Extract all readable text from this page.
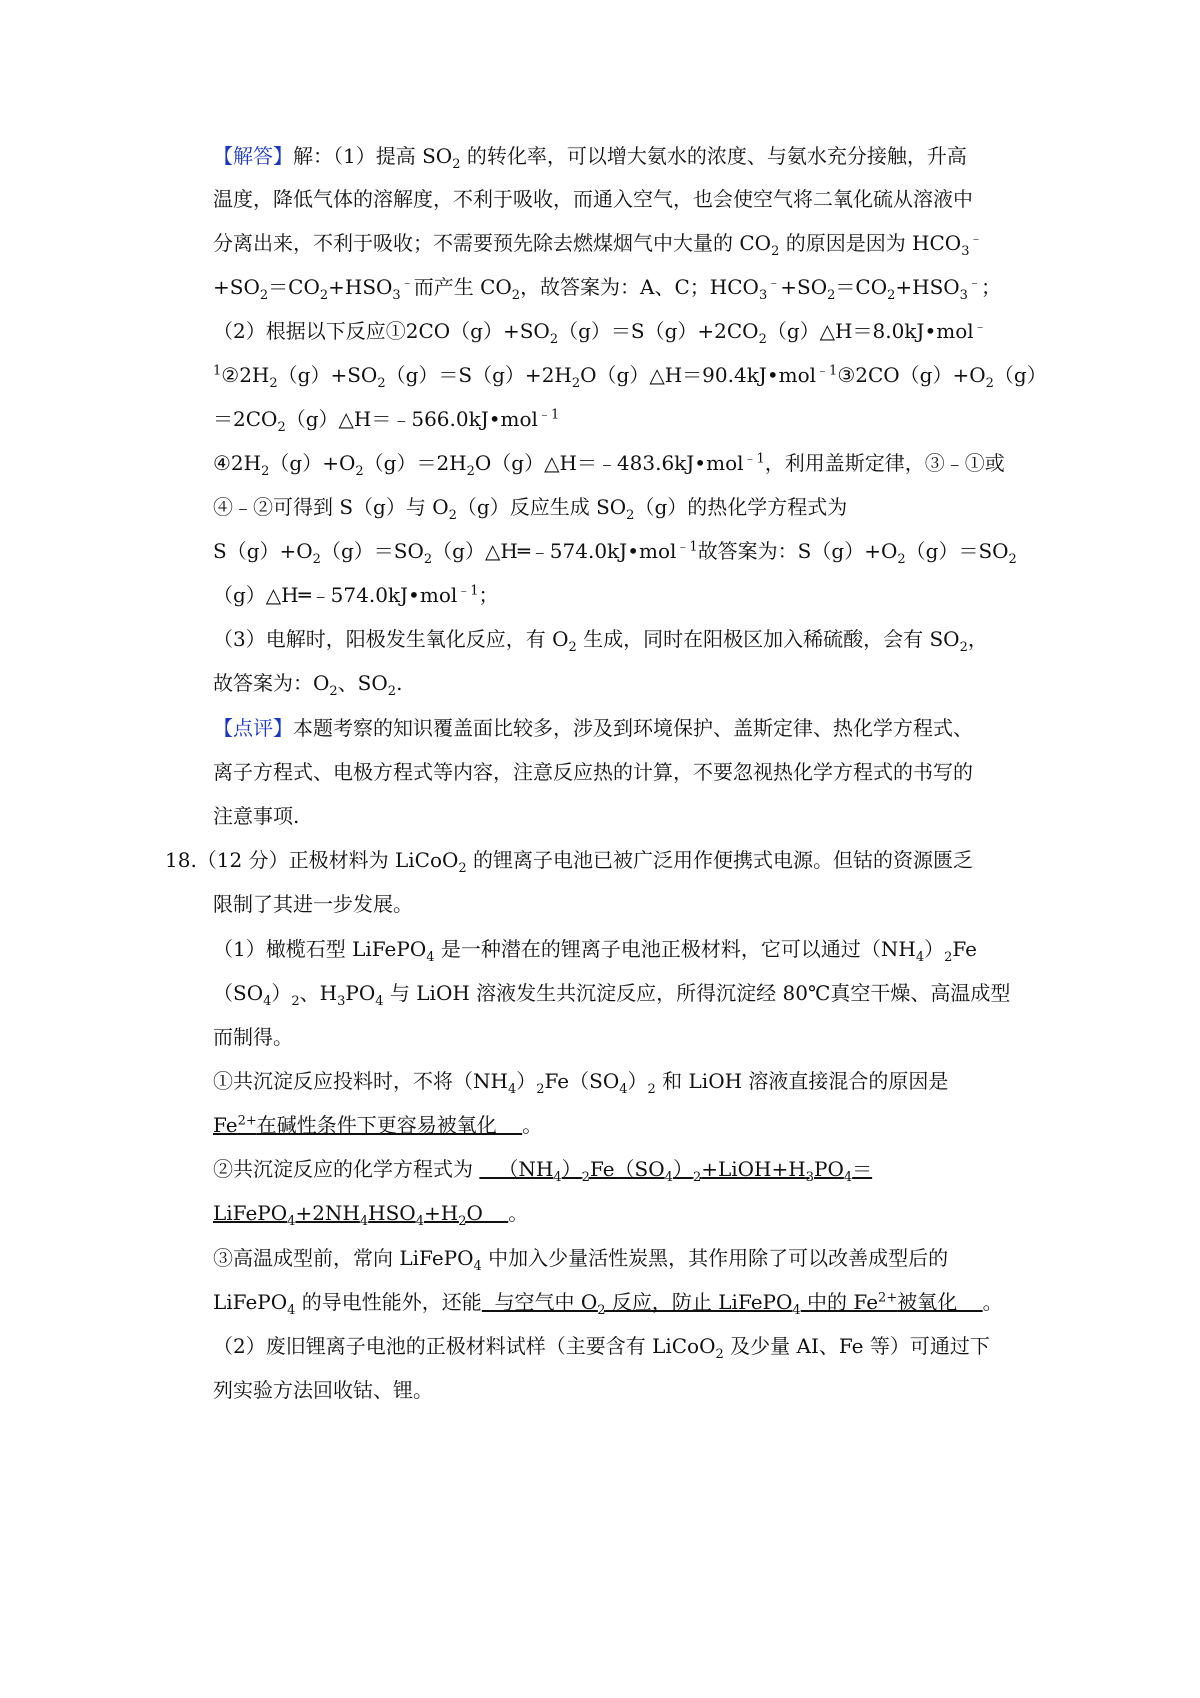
【解答】解：（1）提高 $SO_2$ 的转化率，可以增大氨水的浓度、与氨水充分接触，升高
温度，降低气体的溶解度，不利于吸收，而通入空气，也会使空气将二氧化硫从溶液中
分离出来，不利于吸收；不需要预先除去燃煤烟气中大量的 $CO_2$ 的原因是因为 $HCO_3^﹣$
$+SO_2=CO_2+HSO_3^﹣$而产生 $CO_2$，故答案为：A、C；$HCO_3^﹣+SO_2=CO_2+HSO_3^﹣$；
（2）根据以下反应$①2CO(g)+SO_2(g)=S(g)+2CO_2(g)\triangle H=8.0kJ•mol^﹣$
$^1②2H_2(g)+SO_2(g)=S(g)+2H_2O(g)\triangle H=90.4kJ•mol^{﹣1}③2CO(g)+O_2(g)$
$=2CO_2(g)\triangle H=﹣566.0kJ•mol^{﹣1}$
$④2H_2(g)+O_2(g)=2H_2O(g)\triangle H=﹣483.6kJ•mol^{﹣1}$，利用盖斯定律，③﹣①或
④﹣②可得到 S（g）与 $O_2(g)$反应生成 $SO_2(g)$的热化学方程式为
$S(g)+O_2(g)=SO_2(g)\triangle H═﹣574.0kJ•mol^{﹣1}$故答案为：$S(g)+O_2(g)=SO_2$
（g）△H═﹣574.0kJ•mol$^{﹣1}$；
（3）电解时，阳极发生氧化反应，有 $O_2$ 生成，同时在阳极区加入稀硫酸，会有 $SO_2$，
故答案为：$O_2$、$SO_2$.
【点评】本题考察的知识覆盖面比较多，涉及到环境保护、盖斯定律、热化学方程式、
离子方程式、电极方程式等内容，注意反应热的计算，不要忽视热化学方程式的书写的
注意事项.
18.（12 分）正极材料为 LiCoO$_2$ 的锂离子电池已被广泛用作便携式电源。但钴的资源匮乏
限制了其进一步发展。
（1）橄榄石型 LiFePO$_4$ 是一种潜在的锂离子电池正极材料，它可以通过$(NH_4)_2Fe$
$(SO_4)_2$、$H_3PO_4$ 与 LiOH 溶液发生共沉淀反应，所得沉淀经 80℃真空干燥、高温成型
而制得。
①共沉淀反应投料时，不将$(NH_4)_2Fe(SO_4)_2$ 和 LiOH 溶液直接混合的原因是
$Fe^{2+}$在碱性条件下更容易被氧化    。
②共沉淀反应的化学方程式为    $(NH_4)_2Fe(SO_4)_2+LiOH+H_3PO_4=$
$LiFePO_4+2NH_4HSO_4+H_2O$    。
③高温成型前，常向 LiFePO$_4$ 中加入少量活性炭黑，其作用除了可以改善成型后的
LiFePO$_4$ 的导电性能外，还能  与空气中 $O_2$ 反应，防止 LiFePO$_4$ 中的 $Fe^{2+}$被氧化    。
（2）废旧锂离子电池的正极材料试样（主要含有 LiCoO$_2$ 及少量 AI、Fe 等）可通过下
列实验方法回收钴、锂。
